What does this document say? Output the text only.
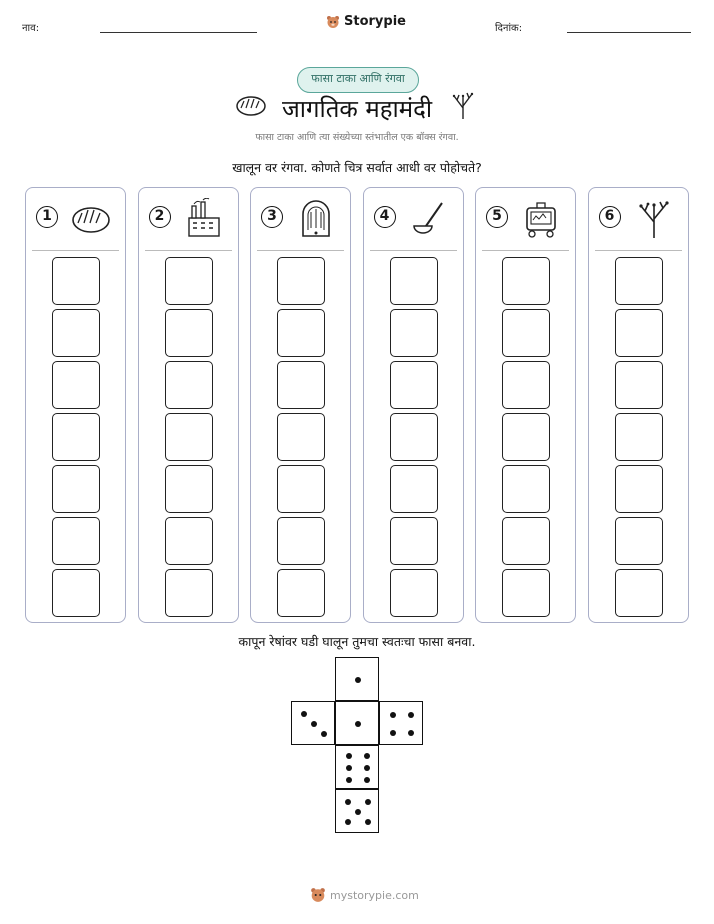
नाव:	Storypie	दिनांक:
फासा टाका आणि रंगवा
जागतिक महामंदी
फासा टाका आणि त्या संख्येच्या स्तंभातील एक बॉक्स रंगवा.
खालून वर रंगवा. कोणते चित्र सर्वात आधी वर पोहोचते?
1	2	3	4	5	6
कापून रेषांवर घडी घालून तुमचा स्वतःचा फासा बनवा.
mystorypie.com
